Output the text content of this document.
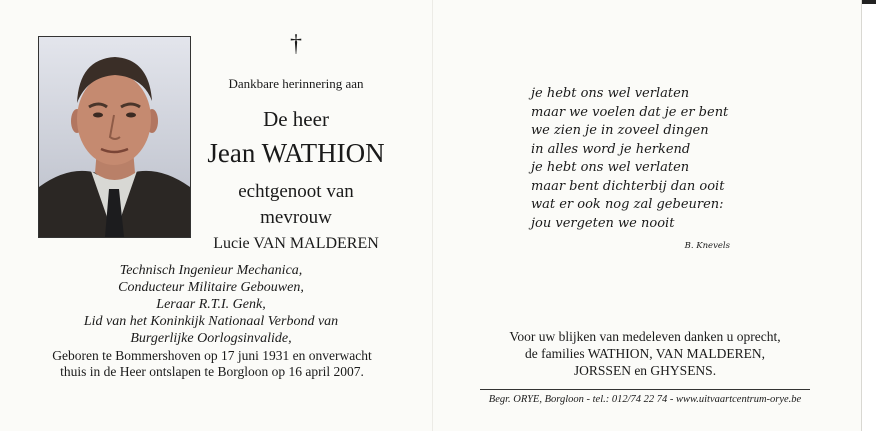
†
Dankbare herinnering aan
De heer
Jean WATHION
echtgenoot van
mevrouw
Lucie VAN MALDEREN
Technisch Ingenieur Mechanica,
Conducteur Militaire Gebouwen,
Leraar R.T.I. Genk,
Lid van het Koninkijk Nationaal Verbond van
Burgerlijke Oorlogsinvalide,
Geboren te Bommershoven op 17 juni 1931 en onverwacht
thuis in de Heer ontslapen te Borgloon op 16 april 2007.
je hebt ons wel verlaten
maar we voelen dat je er bent
we zien je in zoveel dingen
in alles word je herkend
je hebt ons wel verlaten
maar bent dichterbij dan ooit
wat er ook nog zal gebeuren:
jou vergeten we nooit
B. Knevels
Voor uw blijken van medeleven danken u oprecht,
de families WATHION, VAN MALDEREN,
JORSSEN en GHYSENS.
Begr. ORYE, Borgloon - tel.: 012/74 22 74 - www.uitvaartcentrum-orye.be
